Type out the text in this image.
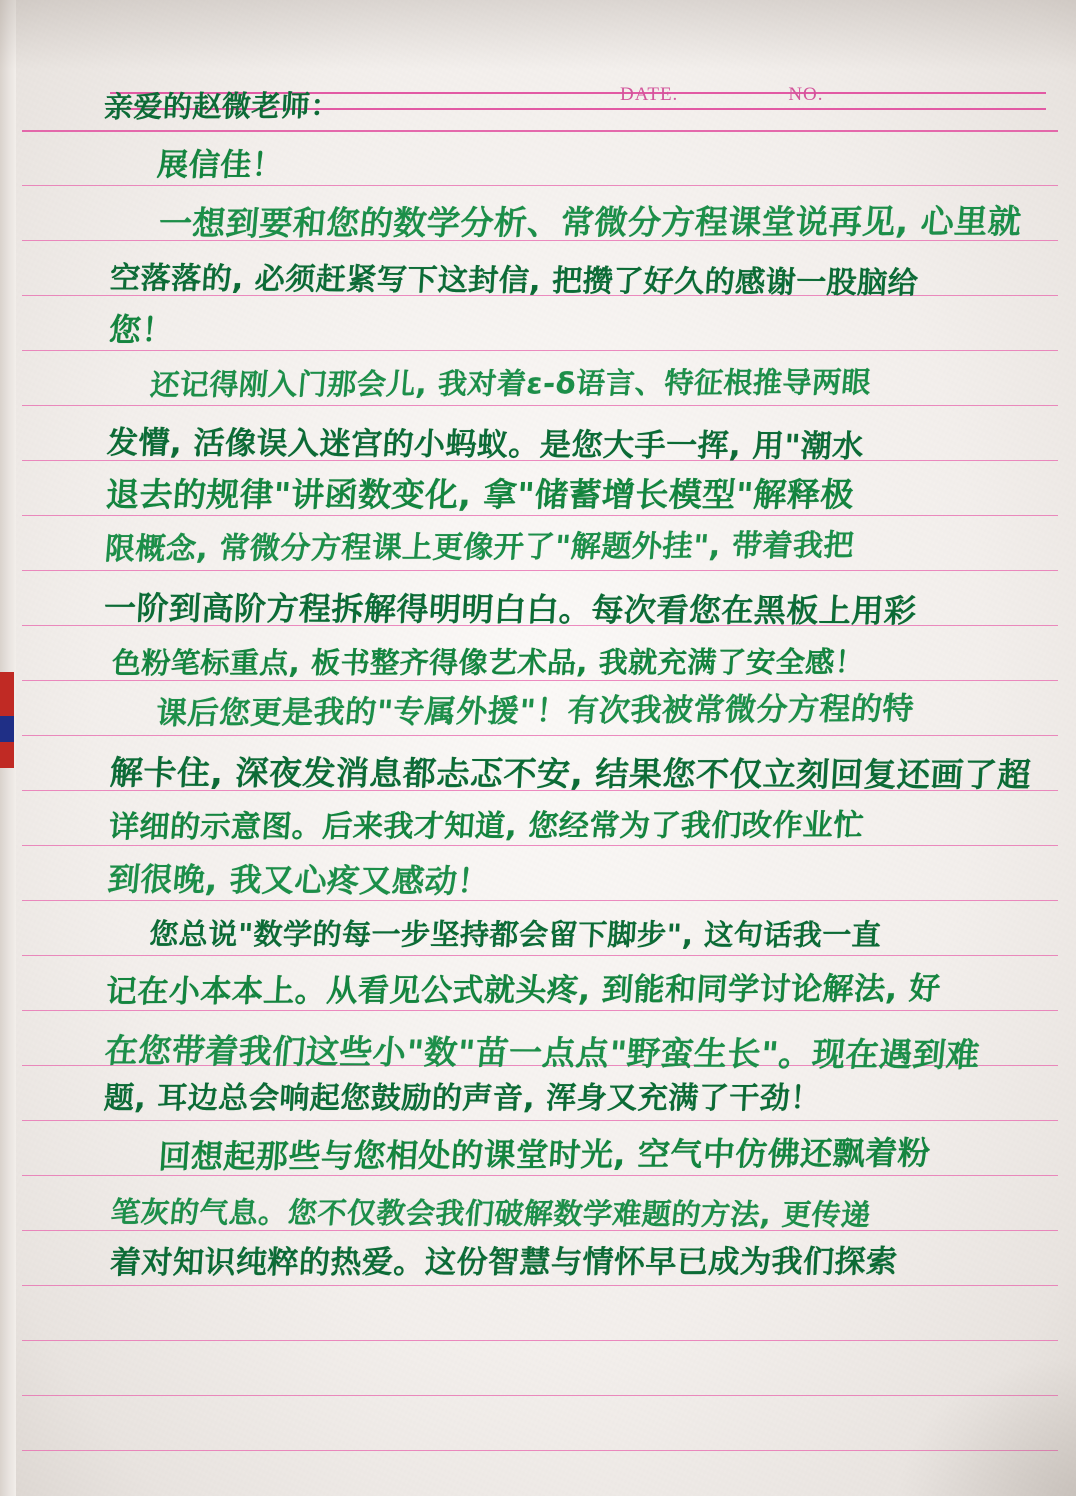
DATE.	NO.
亲爱的赵微老师：
展信佳！
一想到要和您的数学分析、常微分方程课堂说再见, 心里就
空落落的, 必须赶紧写下这封信, 把攒了好久的感谢一股脑给
您！
还记得刚入门那会儿, 我对着ε-δ语言、特征根推导两眼
发懵, 活像误入迷宫的小蚂蚁。是您大手一挥, 用"潮水
退去的规律"讲函数变化, 拿"储蓄增长模型"解释极
限概念, 常微分方程课上更像开了"解题外挂", 带着我把
一阶到高阶方程拆解得明明白白。每次看您在黑板上用彩
色粉笔标重点, 板书整齐得像艺术品, 我就充满了安全感！
课后您更是我的"专属外援"！有次我被常微分方程的特
解卡住, 深夜发消息都忐忑不安, 结果您不仅立刻回复还画了超
详细的示意图。后来我才知道, 您经常为了我们改作业忙
到很晚, 我又心疼又感动！
您总说"数学的每一步坚持都会留下脚步", 这句话我一直
记在小本本上。从看见公式就头疼, 到能和同学讨论解法, 好
在您带着我们这些小"数"苗一点点"野蛮生长"。现在遇到难
题, 耳边总会响起您鼓励的声音, 浑身又充满了干劲！
回想起那些与您相处的课堂时光, 空气中仿佛还飘着粉
笔灰的气息。您不仅教会我们破解数学难题的方法, 更传递
着对知识纯粹的热爱。这份智慧与情怀早已成为我们探索
